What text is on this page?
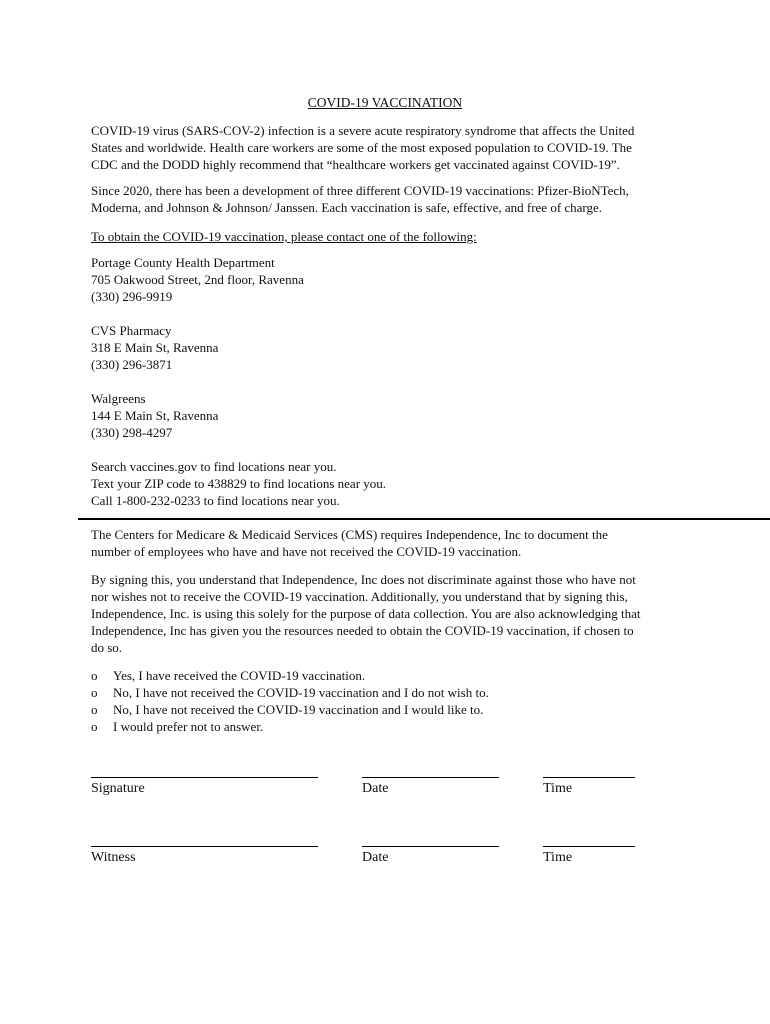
COVID-19 VACCINATION

COVID-19 virus (SARS-COV-2) infection is a severe acute respiratory syndrome that affects the United
States and worldwide. Health care workers are some of the most exposed population to COVID-19. The
CDC and the DODD highly recommend that “healthcare workers get vaccinated against COVID-19”.

Since 2020, there has been a development of three different COVID-19 vaccinations: Pfizer-BioNTech,
Moderna, and Johnson & Johnson/ Janssen. Each vaccination is safe, effective, and free of charge.

To obtain the COVID-19 vaccination, please contact one of the following:
Portage County Health Department
705 Oakwood Street, 2nd floor, Ravenna
(330) 296-9919
CVS Pharmacy
318 E Main St, Ravenna
(330) 296-3871
Walgreens
144 E Main St, Ravenna
(330) 298-4297
Search vaccines.gov to find locations near you.
Text your ZIP code to 438829 to find locations near you.
Call 1-800-232-0233 to find locations near you.

The Centers for Medicare & Medicaid Services (CMS) requires Independence, Inc to document the
number of employees who have and have not received the COVID-19 vaccination.

By signing this, you understand that Independence, Inc does not discriminate against those who have not
nor wishes not to receive the COVID-19 vaccination. Additionally, you understand that by signing this,
Independence, Inc. is using this solely for the purpose of data collection. You are also acknowledging that
Independence, Inc has given you the resources needed to obtain the COVID-19 vaccination, if chosen to
do so.

o Yes, I have received the COVID-19 vaccination.
o No, I have not received the COVID-19 vaccination and I do not wish to.
o No, I have not received the COVID-19 vaccination and I would like to.
o I would prefer not to answer.
Signature	Date	Time
Witness	Date	Time
